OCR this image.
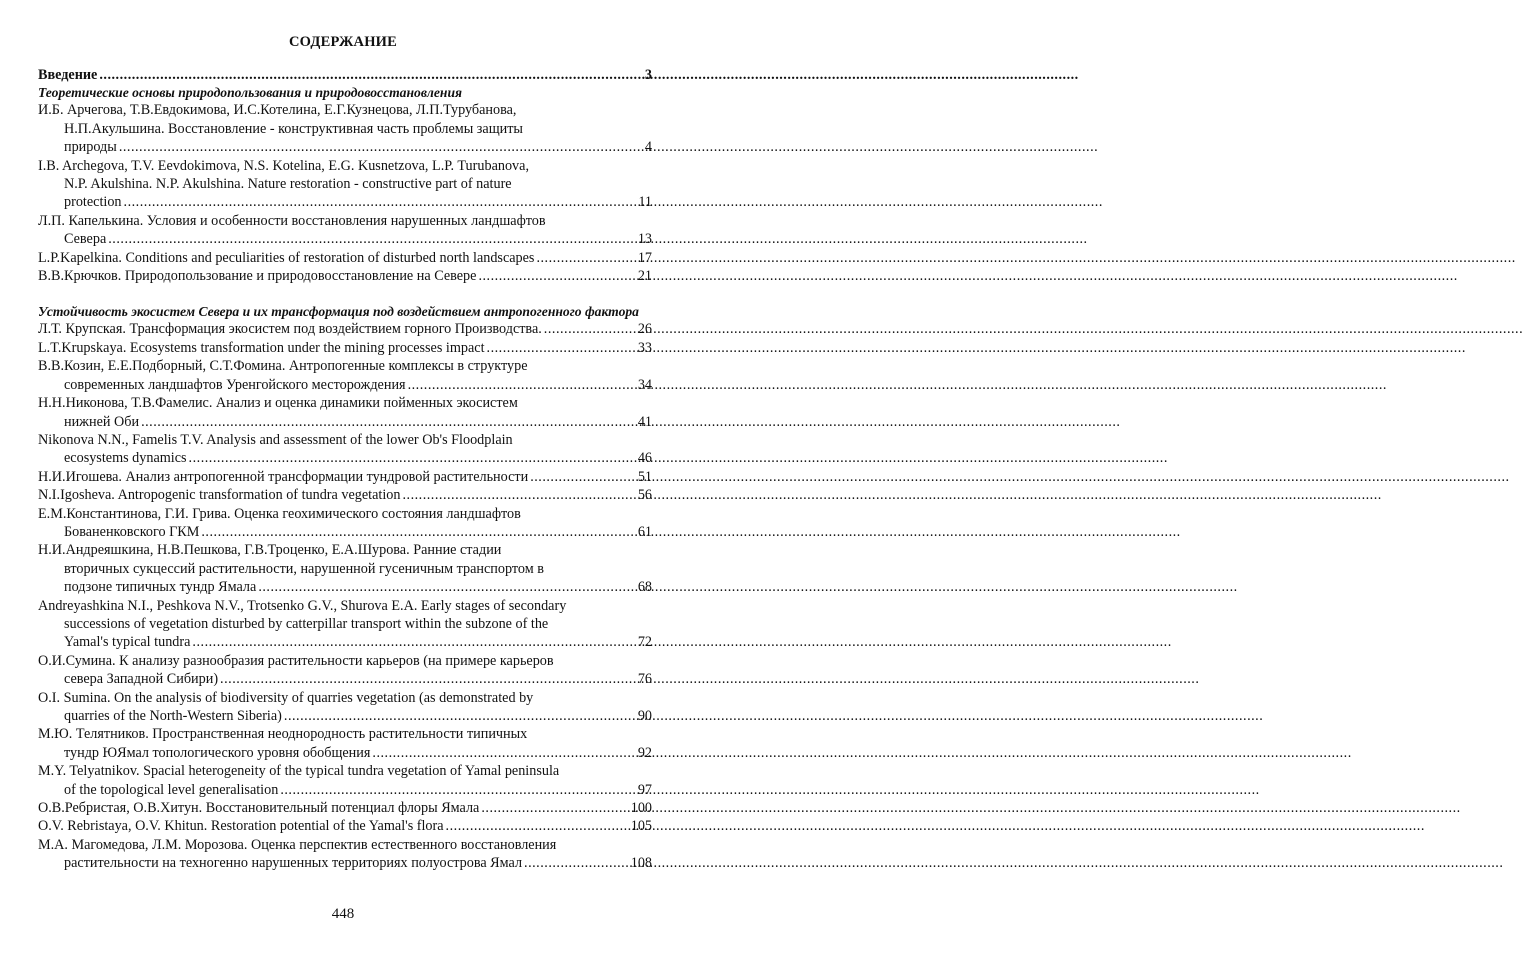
СОДЕРЖАНИЕ
Введение .....	3
Теоретические основы природопользования и природовосстановления
И.Б. Арчегова, Т.В.Евдокимова, И.С.Котелина, Е.Г.Кузнецова, Л.П.Турубанова,
Н.П.Акульшина. Восстановление - конструктивная часть проблемы защиты
природы .....	4
I.B. Archegova, T.V. Eevdokimova, N.S. Kotelina, E.G. Kusnetzova, L.P. Turubanova,
N.P. Akulshina. N.P. Akulshina. Nature restoration - constructive part of nature
protection .....	11
Л.П. Капелькина. Условия и особенности восстановления нарушенных ландшафтов
Севера .....	13
L.P.Kapelkina. Conditions and peculiarities of restoration of disturbed north landscapes .....	17
В.В.Крючков. Природопользование и природовосстановление на Севере .....	21
Устойчивость экосистем Севера и их трансформация под воздействием антропогенного фактора
Л.Т. Крупская. Трансформация экосистем под воздействием горного Производства. .....	26
L.T.Krupskaya. Ecosystems transformation under the mining processes impact .....	33
В.В.Козин, Е.Е.Подборный, С.Т.Фомина. Антропогенные комплексы в структуре
современных ландшафтов Уренгойского месторождения .....	34
Н.Н.Никонова, Т.В.Фамелис. Анализ и оценка динамики пойменных экосистем
нижней Оби .....	41
Nikonova N.N., Famelis T.V. Analysis and assessment of the lower Ob's Floodplain
ecosystems dynamics .....	46
Н.И.Игошева. Анализ антропогенной трансформации тундровой растительности .....	51
N.I.Igosheva. Antropogenic transformation of tundra vegetation .....	56
Е.М.Константинова, Г.И. Грива. Оценка геохимического состояния ландшафтов
Бованенковского ГКМ .....	61
Н.И.Андреяшкина, Н.В.Пешкова, Г.В.Троценко, Е.А.Шурова. Ранние стадии
вторичных сукцессий растительности, нарушенной гусеничным транспортом в
подзоне типичных тундр Ямала .....	68
Andreyashkina N.I., Peshkova N.V., Trotsenko G.V., Shurova E.A. Early stages of secondary
successions of vegetation disturbed by catterpillar transport within the subzone of the
Yamal's typical tundra .....	72
О.И.Сумина. К анализу разнообразия растительности карьеров (на примере карьеров
севера Западной Сибири) .....	76
O.I. Sumina. On the analysis of biodiversity of quarries vegetation (as demonstrated by
quarries of the North-Western Siberia) .....	90
М.Ю. Телятников. Пространственная неоднородность растительности типичных
тундр ЮЯмал топологического уровня обобщения .....	92
M.Y. Telyatnikov. Spacial heterogeneity of the typical tundra vegetation of Yamal peninsula
of the topological level generalisation .....	97
О.В.Ребристая, О.В.Хитун. Восстановительный потенциал флоры Ямала .....	100
O.V. Rebristaya, O.V. Khitun. Restoration potential of the Yamal's flora .....	105
М.А. Магомедова, Л.М. Морозова. Оценка перспектив естественного восстановления
растительности на техногенно нарушенных территориях полуострова Ямал .....	108
448
